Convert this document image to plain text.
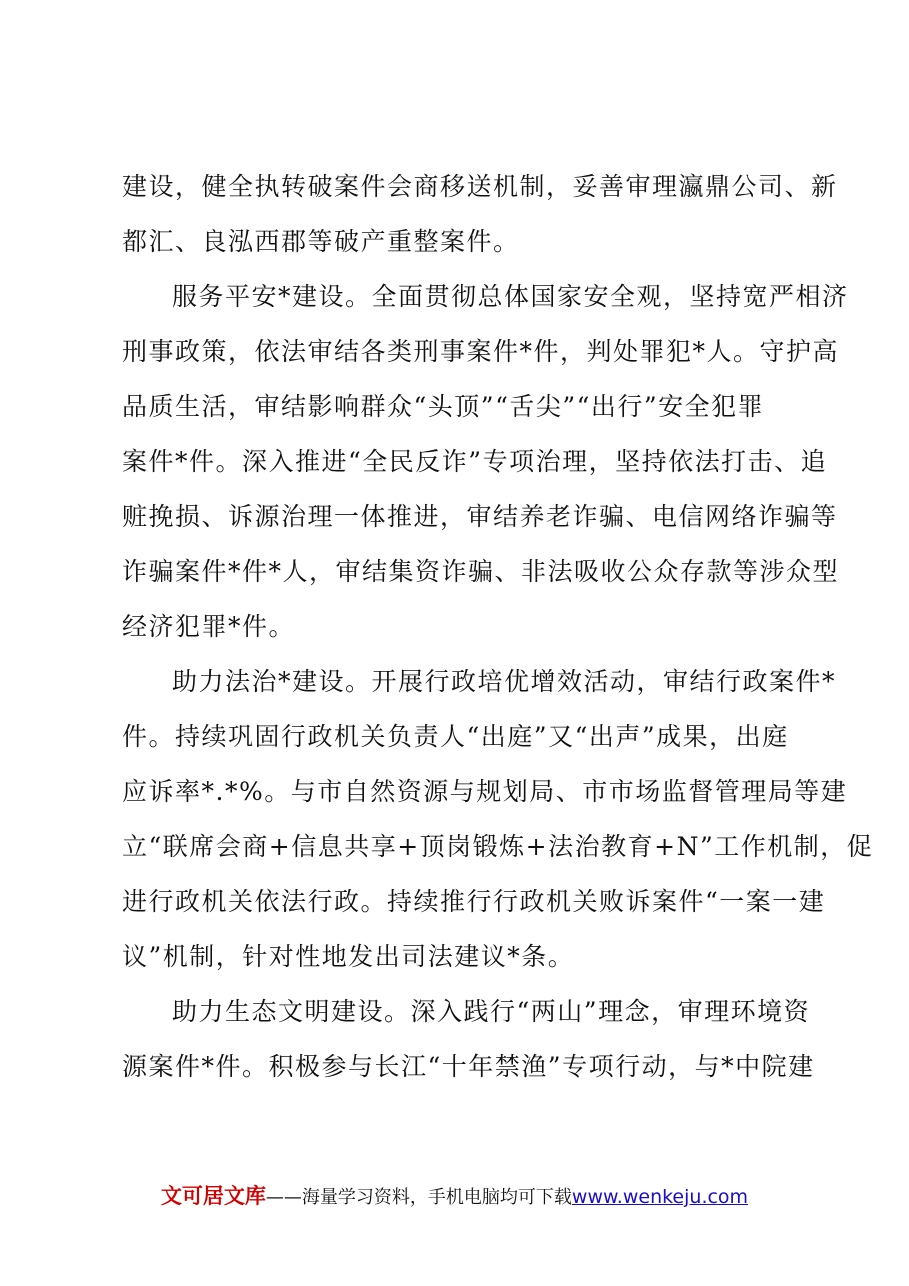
建设，健全执转破案件会商移送机制，妥善审理瀛鼎公司、新
都汇、良泓西郡等破产重整案件。
服务平安*建设。全面贯彻总体国家安全观，坚持宽严相济
刑事政策，依法审结各类刑事案件*件，判处罪犯*人。守护高
品质生活，审结影响群众“头顶”“舌尖”“出行”安全犯罪
案件*件。深入推进“全民反诈”专项治理，坚持依法打击、追
赃挽损、诉源治理一体推进，审结养老诈骗、电信网络诈骗等
诈骗案件*件*人，审结集资诈骗、非法吸收公众存款等涉众型
经济犯罪*件。
助力法治*建设。开展行政培优增效活动，审结行政案件*
件。持续巩固行政机关负责人“出庭”又“出声”成果，出庭
应诉率*.*%。与市自然资源与规划局、市市场监督管理局等建
立“联席会商+信息共享+顶岗锻炼+法治教育+N”工作机制，促
进行政机关依法行政。持续推行行政机关败诉案件“一案一建
议”机制，针对性地发出司法建议*条。
助力生态文明建设。深入践行“两山”理念，审理环境资
源案件*件。积极参与长江“十年禁渔”专项行动，与*中院建
文可居文库——海量学习资料，手机电脑均可下载www.wenkeju.com
